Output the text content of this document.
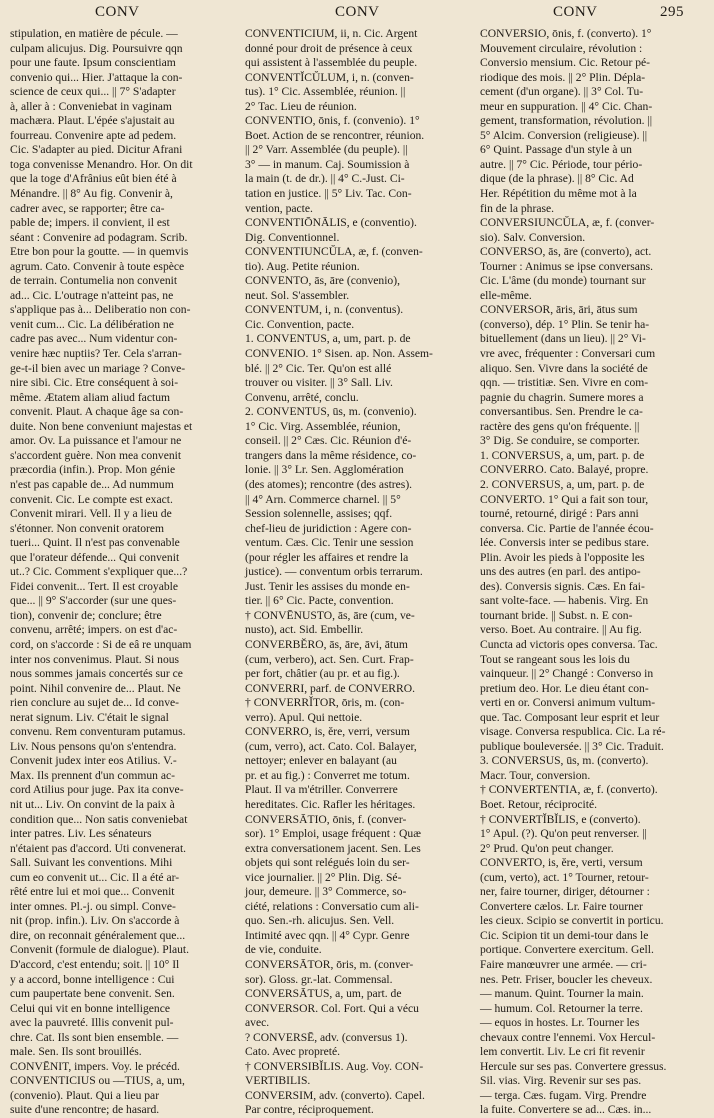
CONV	CONV	CONV	295
stipulation, en matière de pécule. —
culpam alicujus. Dig. Poursuivre qqn
pour une faute. Ipsum conscientiam
convenio qui... Hier. J'attaque la con-
science de ceux qui... || 7° S'adapter
à, aller à : Conveniebat in vaginam
machæra. Plaut. L'épée s'ajustait au
fourreau. Convenire apte ad pedem.
Cic. S'adapter au pied. Dicitur Afrani
toga convenisse Menandro. Hor. On dit
que la toge d'Afrânius eût bien été à
Ménandre. || 8° Au fig. Convenir à,
cadrer avec, se rapporter; être ca-
pable de; impers. il convient, il est
séant : Convenire ad podagram. Scrib.
Etre bon pour la goutte. — in quemvis
agrum. Cato. Convenir à toute espèce
de terrain. Contumelia non convenit
ad... Cic. L'outrage n'atteint pas, ne
s'applique pas à... Deliberatio non con-
venit cum... Cic. La délibération ne
cadre pas avec... Num videntur con-
venire hæc nuptiis? Ter. Cela s'arran-
ge-t-il bien avec un mariage ? Conve-
nire sibi. Cic. Etre conséquent à soi-
même. Ætatem aliam aliud factum
convenit. Plaut. A chaque âge sa con-
duite. Non bene conveniunt majestas et
amor. Ov. La puissance et l'amour ne
s'accordent guère. Non mea convenit
præcordia (infin.). Prop. Mon génie
n'est pas capable de... Ad nummum
convenit. Cic. Le compte est exact.
Convenit mirari. Vell. Il y a lieu de
s'étonner. Non convenit oratorem
tueri... Quint. Il n'est pas convenable
que l'orateur défende... Qui convenit
ut..? Cic. Comment s'expliquer que...?
Fidei convenit... Tert. Il est croyable
que... || 9° S'accorder (sur une ques-
tion), convenir de; conclure; être
convenu, arrêté; impers. on est d'ac-
cord, on s'accorde : Si de eâ re unquam
inter nos convenimus. Plaut. Si nous
nous sommes jamais concertés sur ce
point. Nihil convenire de... Plaut. Ne
rien conclure au sujet de... Id conve-
nerat signum. Liv. C'était le signal
convenu. Rem conventuram putamus.
Liv. Nous pensons qu'on s'entendra.
Convenit judex inter eos Atilius. V.-
Max. Ils prennent d'un commun ac-
cord Atilius pour juge. Pax ita conve-
nit ut... Liv. On convint de la paix à
condition que... Non satis conveniebat
inter patres. Liv. Les sénateurs
n'étaient pas d'accord. Uti convenerat.
Sall. Suivant les conventions. Mihi
cum eo convenit ut... Cic. Il a été ar-
rêté entre lui et moi que... Convenit
inter omnes. Pl.-j. ou simpl. Conve-
nit (prop. infin.). Liv. On s'accorde à
dire, on reconnait généralement que...
Convenit (formule de dialogue). Plaut.
D'accord, c'est entendu; soit. || 10° Il
y a accord, bonne intelligence : Cui
cum paupertate bene convenit. Sen.
Celui qui vit en bonne intelligence
avec la pauvreté. Illis convenit pul-
chre. Cat. Ils sont bien ensemble. —
male. Sen. Ils sont brouillés.
CONVĒNIT, impers. Voy. le précéd.
CONVENTICIUS ou —TIUS, a, um,
(convenio). Plaut. Qui a lieu par
suite d'une rencontre; de hasard.
CONVENTICIUM, ii, n. Cic. Argent
donné pour droit de présence à ceux
qui assistent à l'assemblée du peuple.
CONVENTĬCŬLUM, i, n. (conven-
tus). 1° Cic. Assemblée, réunion. ||
2° Tac. Lieu de réunion.
CONVENTIO, ōnis, f. (convenio). 1°
Boet. Action de se rencontrer, réunion.
|| 2° Varr. Assemblée (du peuple). ||
3° — in manum. Caj. Soumission à
la main (t. de dr.). || 4° C.-Just. Ci-
tation en justice. || 5° Liv. Tac. Con-
vention, pacte.
CONVENTIŌNĀLIS, e (conventio).
Dig. Conventionnel.
CONVENTIUNCŬLA, æ, f. (conven-
tio). Aug. Petite réunion.
CONVENTO, ās, āre (convenio),
neut. Sol. S'assembler.
CONVENTUM, i, n. (conventus).
Cic. Convention, pacte.
1. CONVENTUS, a, um, part. p. de
CONVENIO. 1° Sisen. ap. Non. Assem-
blé. || 2° Cic. Ter. Qu'on est allé
trouver ou visiter. || 3° Sall. Liv.
Convenu, arrêté, conclu.
2. CONVENTUS, ūs, m. (convenio).
1° Cic. Virg. Assemblée, réunion,
conseil. || 2° Cæs. Cic. Réunion d'é-
trangers dans la même résidence, co-
lonie. || 3° Lr. Sen. Agglomération
(des atomes); rencontre (des astres).
|| 4° Arn. Commerce charnel. || 5°
Session solennelle, assises; qqf.
chef-lieu de juridiction : Agere con-
ventum. Cæs. Cic. Tenir une session
(pour régler les affaires et rendre la
justice). — conventum orbis terrarum.
Just. Tenir les assises du monde en-
tier. || 6° Cic. Pacte, convention.
† CONVĒNUSTO, ās, āre (cum, ve-
nusto), act. Sid. Embellir.
CONVERBĔRO, ās, āre, āvi, ātum
(cum, verbero), act. Sen. Curt. Frap-
per fort, châtier (au pr. et au fig.).
CONVERRI, parf. de CONVERRO.
† CONVERRĬTOR, ōris, m. (con-
verro). Apul. Qui nettoie.
CONVERRO, is, ĕre, verri, versum
(cum, verro), act. Cato. Col. Balayer,
nettoyer; enlever en balayant (au
pr. et au fig.) : Converret me totum.
Plaut. Il va m'étriller. Converrere
hereditates. Cic. Rafler les héritages.
CONVERSĀTIO, ōnis, f. (conver-
sor). 1° Emploi, usage fréquent : Quæ
extra conversationem jacent. Sen. Les
objets qui sont relégués loin du ser-
vice journalier. || 2° Plin. Dig. Sé-
jour, demeure. || 3° Commerce, so-
ciété, relations : Conversatio cum ali-
quo. Sen.-rh. alicujus. Sen. Vell.
Intimité avec qqn. || 4° Cypr. Genre
de vie, conduite.
CONVERSĀTOR, ōris, m. (conver-
sor). Gloss. gr.-lat. Commensal.
CONVERSĀTUS, a, um, part. de
CONVERSOR. Col. Fort. Qui a vécu
avec.
? CONVERSĒ, adv. (conversus 1).
Cato. Avec propreté.
† CONVERSIBĬLIS. Aug. Voy. CON-
VERTIBILIS.
CONVERSIM, adv. (converto). Capel.
Par contre, réciproquement.
CONVERSIO, ōnis, f. (converto). 1°
Mouvement circulaire, révolution :
Conversio mensium. Cic. Retour pé-
riodique des mois. || 2° Plin. Dépla-
cement (d'un organe). || 3° Col. Tu-
meur en suppuration. || 4° Cic. Chan-
gement, transformation, révolution. ||
5° Alcim. Conversion (religieuse). ||
6° Quint. Passage d'un style à un
autre. || 7° Cic. Période, tour pério-
dique (de la phrase). || 8° Cic. Ad
Her. Répétition du même mot à la
fin de la phrase.
CONVERSIUNCŬLA, æ, f. (conver-
sio). Salv. Conversion.
CONVERSO, ās, āre (converto), act.
Tourner : Animus se ipse conversans.
Cic. L'âme (du monde) tournant sur
elle-même.
CONVERSOR, āris, āri, ātus sum
(converso), dép. 1° Plin. Se tenir ha-
bituellement (dans un lieu). || 2° Vi-
vre avec, fréquenter : Conversari cum
aliquo. Sen. Vivre dans la société de
qqn. — tristitiæ. Sen. Vivre en com-
pagnie du chagrin. Sumere mores a
conversantibus. Sen. Prendre le ca-
ractère des gens qu'on fréquente. ||
3° Dig. Se conduire, se comporter.
1. CONVERSUS, a, um, part. p. de
CONVERRO. Cato. Balayé, propre.
2. CONVERSUS, a, um, part. p. de
CONVERTO. 1° Qui a fait son tour,
tourné, retourné, dirigé : Pars anni
conversa. Cic. Partie de l'année écou-
lée. Conversis inter se pedibus stare.
Plin. Avoir les pieds à l'opposite les
uns des autres (en parl. des antipo-
des). Conversis signis. Cæs. En fai-
sant volte-face. — habenis. Virg. En
tournant bride. || Subst. n. E con-
verso. Boet. Au contraire. || Au fig.
Cuncta ad victoris opes conversa. Tac.
Tout se rangeant sous les lois du
vainqueur. || 2° Changé : Converso in
pretium deo. Hor. Le dieu étant con-
verti en or. Conversi animum vultum-
que. Tac. Composant leur esprit et leur
visage. Conversa respublica. Cic. La ré-
publique bouleversée. || 3° Cic. Traduit.
3. CONVERSUS, ūs, m. (converto).
Macr. Tour, conversion.
† CONVERTENTIA, æ, f. (converto).
Boet. Retour, réciprocité.
† CONVERTĬBĬLIS, e (converto).
1° Apul. (?). Qu'on peut renverser. ||
2° Prud. Qu'on peut changer.
CONVERTO, is, ĕre, verti, versum
(cum, verto), act. 1° Tourner, retour-
ner, faire tourner, diriger, détourner :
Convertere cælos. Lr. Faire tourner
les cieux. Scipio se convertit in porticu.
Cic. Scipion tit un demi-tour dans le
portique. Convertere exercitum. Gell.
Faire manœuvrer une armée. — cri-
nes. Petr. Friser, boucler les cheveux.
— manum. Quint. Tourner la main.
— humum. Col. Retourner la terre.
— equos in hostes. Lr. Tourner les
chevaux contre l'ennemi. Vox Hercul-
lem convertit. Liv. Le cri fit revenir
Hercule sur ses pas. Convertere gressus.
Sil. vias. Virg. Revenir sur ses pas.
— terga. Cæs. fugam. Virg. Prendre
la fuite. Convertere se ad... Cæs. in...
